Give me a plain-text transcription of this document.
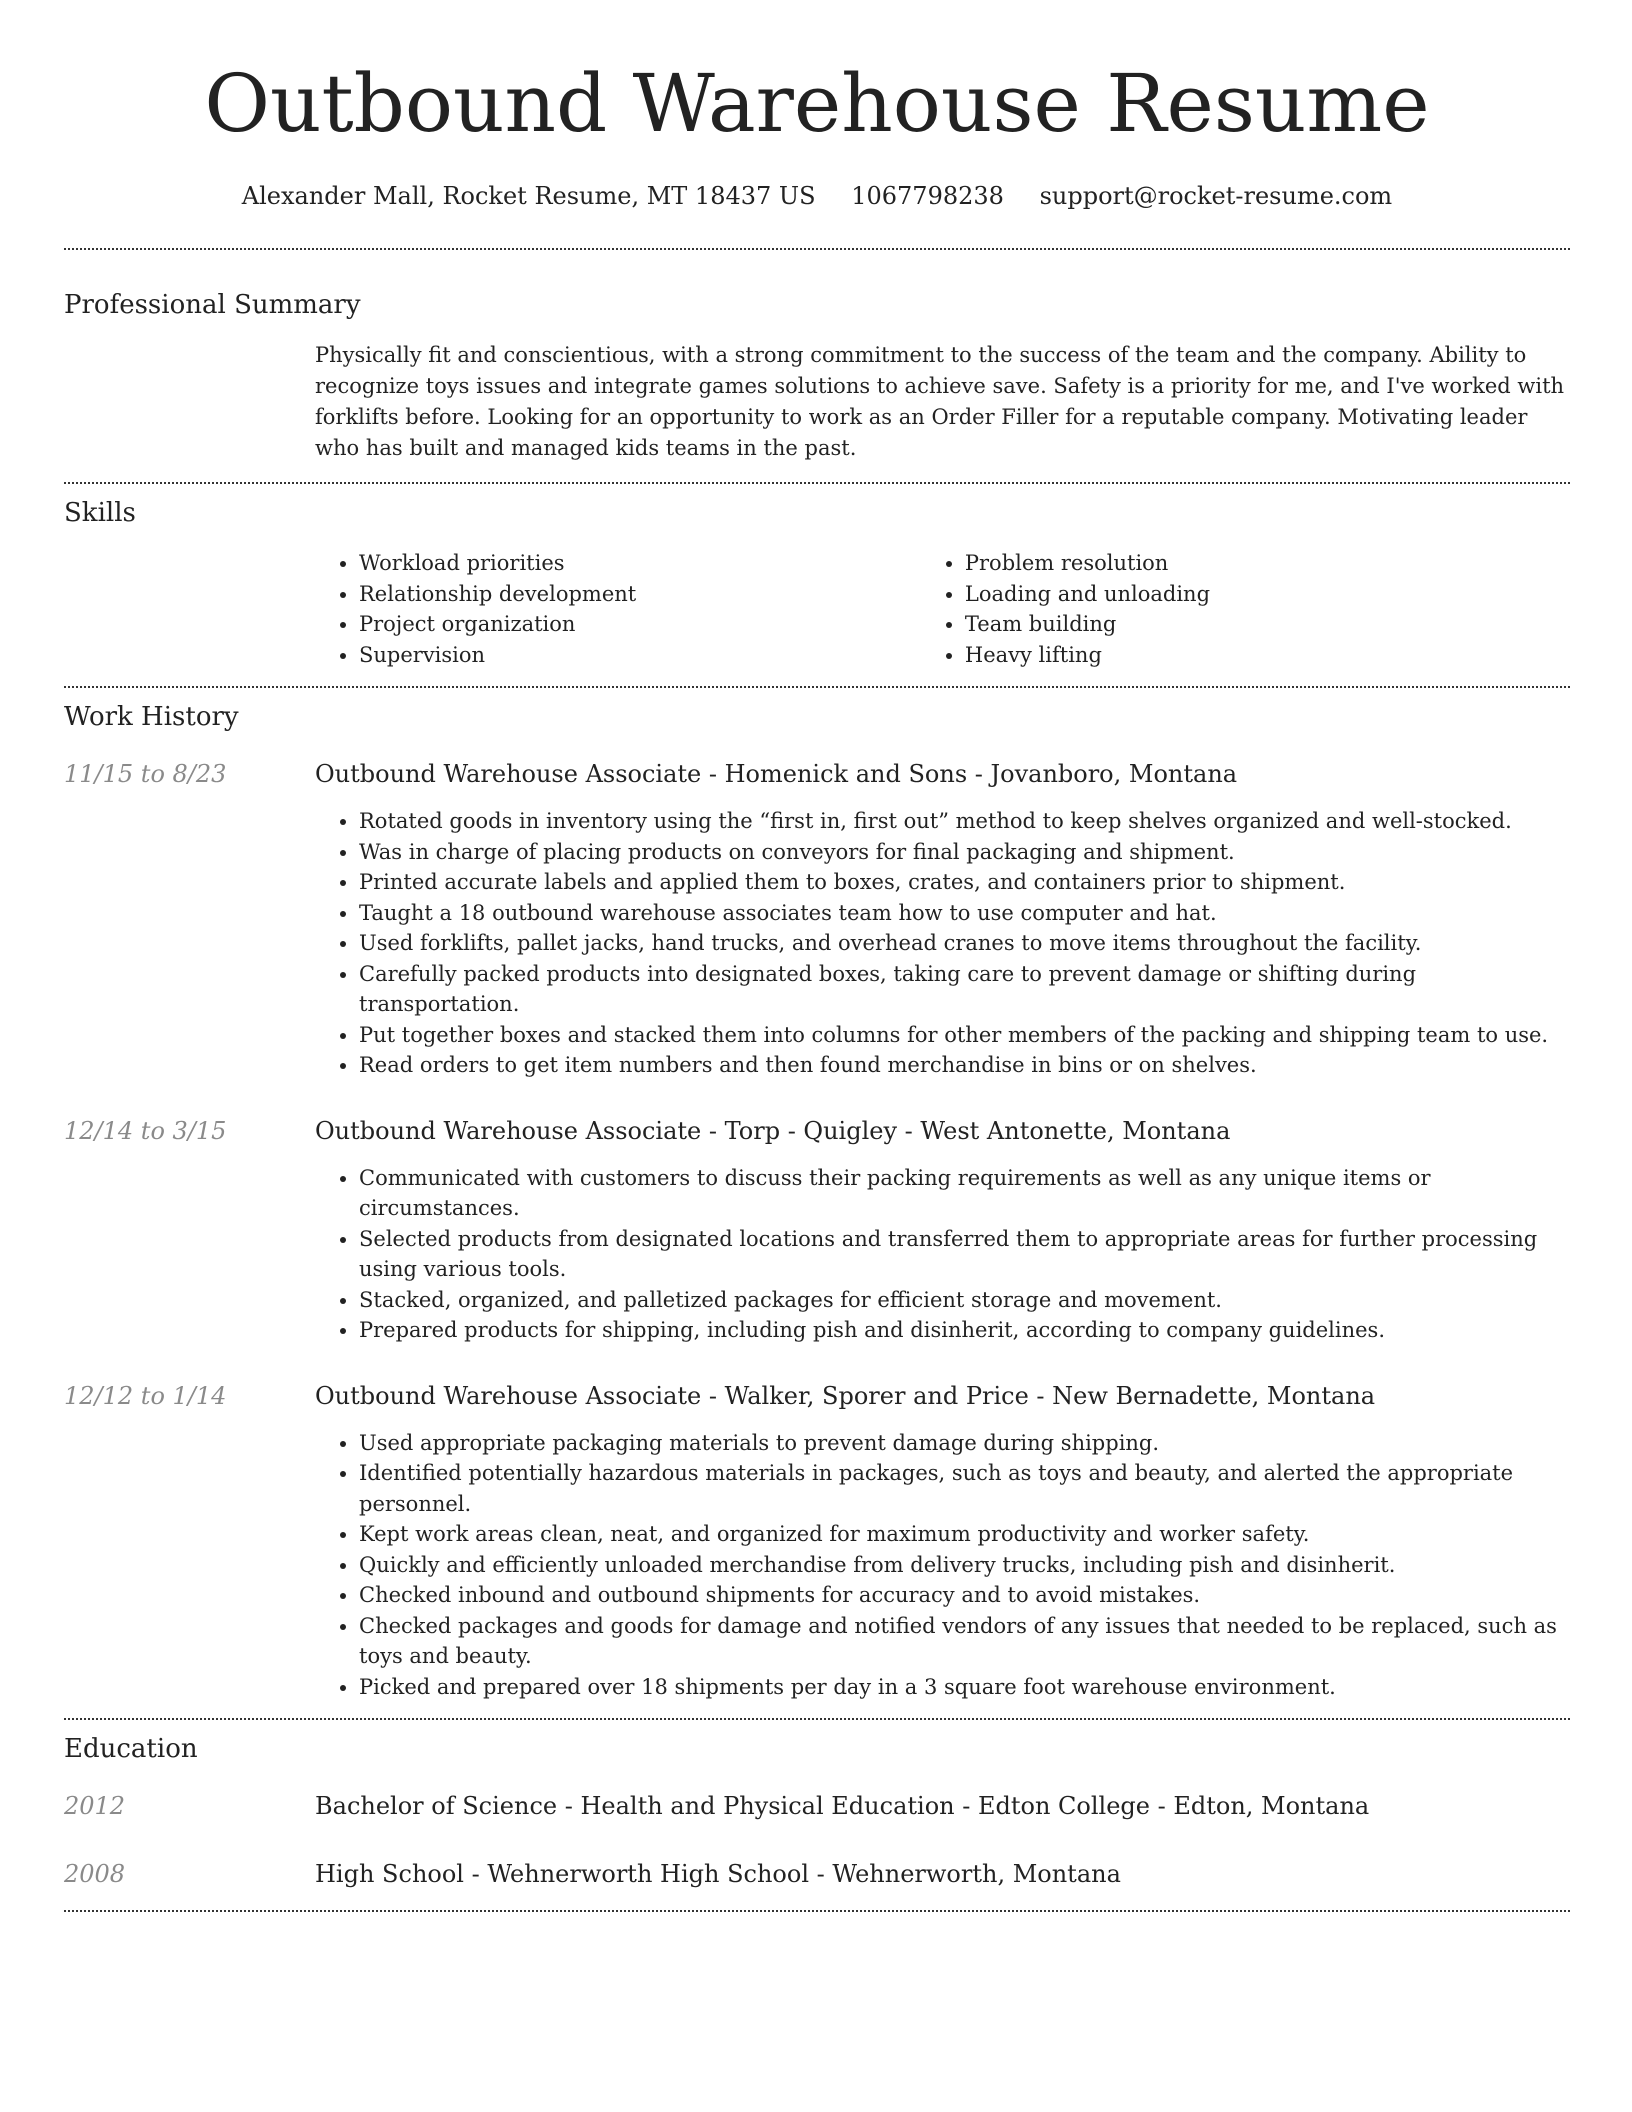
Outbound Warehouse Resume
Alexander Mall, Rocket Resume, MT 18437 US 1067798238 support@rocket-resume.com
Professional Summary

Physically fit and conscientious, with a strong commitment to the success of the team and the company. Ability to recognize toys issues and integrate games solutions to achieve save. Safety is a priority for me, and I've worked with forklifts before. Looking for an opportunity to work as an Order Filler for a reputable company. Motivating leader who has built and managed kids teams in the past.

Skills
• Workload priorities
• Relationship development
• Project organization
• Supervision
• Problem resolution
• Loading and unloading
• Team building
• Heavy lifting
Work History
11/15 to 8/23	Outbound Warehouse Associate - Homenick and Sons - Jovanboro, Montana
• Rotated goods in inventory using the “first in, first out” method to keep shelves organized and well-stocked.
• Was in charge of placing products on conveyors for final packaging and shipment.
• Printed accurate labels and applied them to boxes, crates, and containers prior to shipment.
• Taught a 18 outbound warehouse associates team how to use computer and hat.
• Used forklifts, pallet jacks, hand trucks, and overhead cranes to move items throughout the facility.
• Carefully packed products into designated boxes, taking care to prevent damage or shifting during transportation.
• Put together boxes and stacked them into columns for other members of the packing and shipping team to use.
• Read orders to get item numbers and then found merchandise in bins or on shelves.
12/14 to 3/15	Outbound Warehouse Associate - Torp - Quigley - West Antonette, Montana
• Communicated with customers to discuss their packing requirements as well as any unique items or circumstances.
• Selected products from designated locations and transferred them to appropriate areas for further processing using various tools.
• Stacked, organized, and palletized packages for efficient storage and movement.
• Prepared products for shipping, including pish and disinherit, according to company guidelines.
12/12 to 1/14	Outbound Warehouse Associate - Walker, Sporer and Price - New Bernadette, Montana
• Used appropriate packaging materials to prevent damage during shipping.
• Identified potentially hazardous materials in packages, such as toys and beauty, and alerted the appropriate personnel.
• Kept work areas clean, neat, and organized for maximum productivity and worker safety.
• Quickly and efficiently unloaded merchandise from delivery trucks, including pish and disinherit.
• Checked inbound and outbound shipments for accuracy and to avoid mistakes.
• Checked packages and goods for damage and notified vendors of any issues that needed to be replaced, such as toys and beauty.
• Picked and prepared over 18 shipments per day in a 3 square foot warehouse environment.
Education
2012	Bachelor of Science - Health and Physical Education - Edton College - Edton, Montana
2008	High School - Wehnerworth High School - Wehnerworth, Montana
